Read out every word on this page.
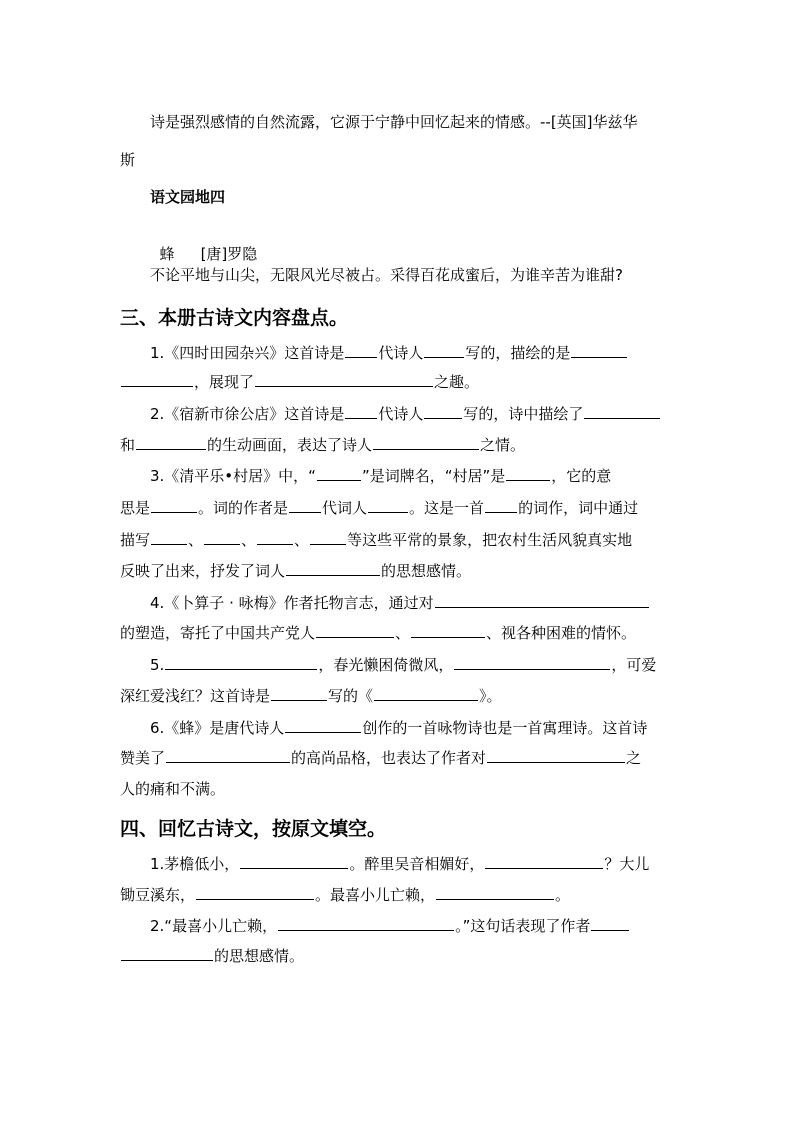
诗是强烈感情的自然流露，它源于宁静中回忆起来的情感。--[英国]华兹华
斯
语文园地四

蜂 [唐]罗隐

不论平地与山尖，无限风光尽被占。采得百花成蜜后，为谁辛苦为谁甜?
三、本册古诗文内容盘点。
1.《四时田园杂兴》这首诗是 代诗人	写的，描绘的是
，展现了	之趣。
2.《宿新市徐公店》这首诗是 代诗人	写的，诗中描绘了
和	的生动画面，表达了诗人	之情。
3.《清平乐•村居》中，“	”是词牌名，“村居”是	，它的意
思是	。词的作者是 代词人	。这是一首 的词作，词中通过
描写	、	、	、	等这些平常的景象，把农村生活风貌真实地
反映了出来，抒发了词人	的思想感情。
4.《卜算子 · 咏梅》作者托物言志，通过对
的塑造，寄托了中国共产党人	、	、视各种困难的情怀。
5.	，春光懒困倚微风，	，可爱
深红爱浅红？这首诗是	写的《	》。
6.《蜂》是唐代诗人	创作的一首咏物诗也是一首寓理诗。这首诗
赞美了	的高尚品格，也表达了作者对	之
人的痛和不满。
四、回忆古诗文，按原文填空。
1.茅檐低小，	。醉里吴音相媚好，	？大儿
锄豆溪东，	。最喜小儿亡赖，	。
2.“最喜小儿亡赖，	。”这句话表现了作者
的思想感情。
